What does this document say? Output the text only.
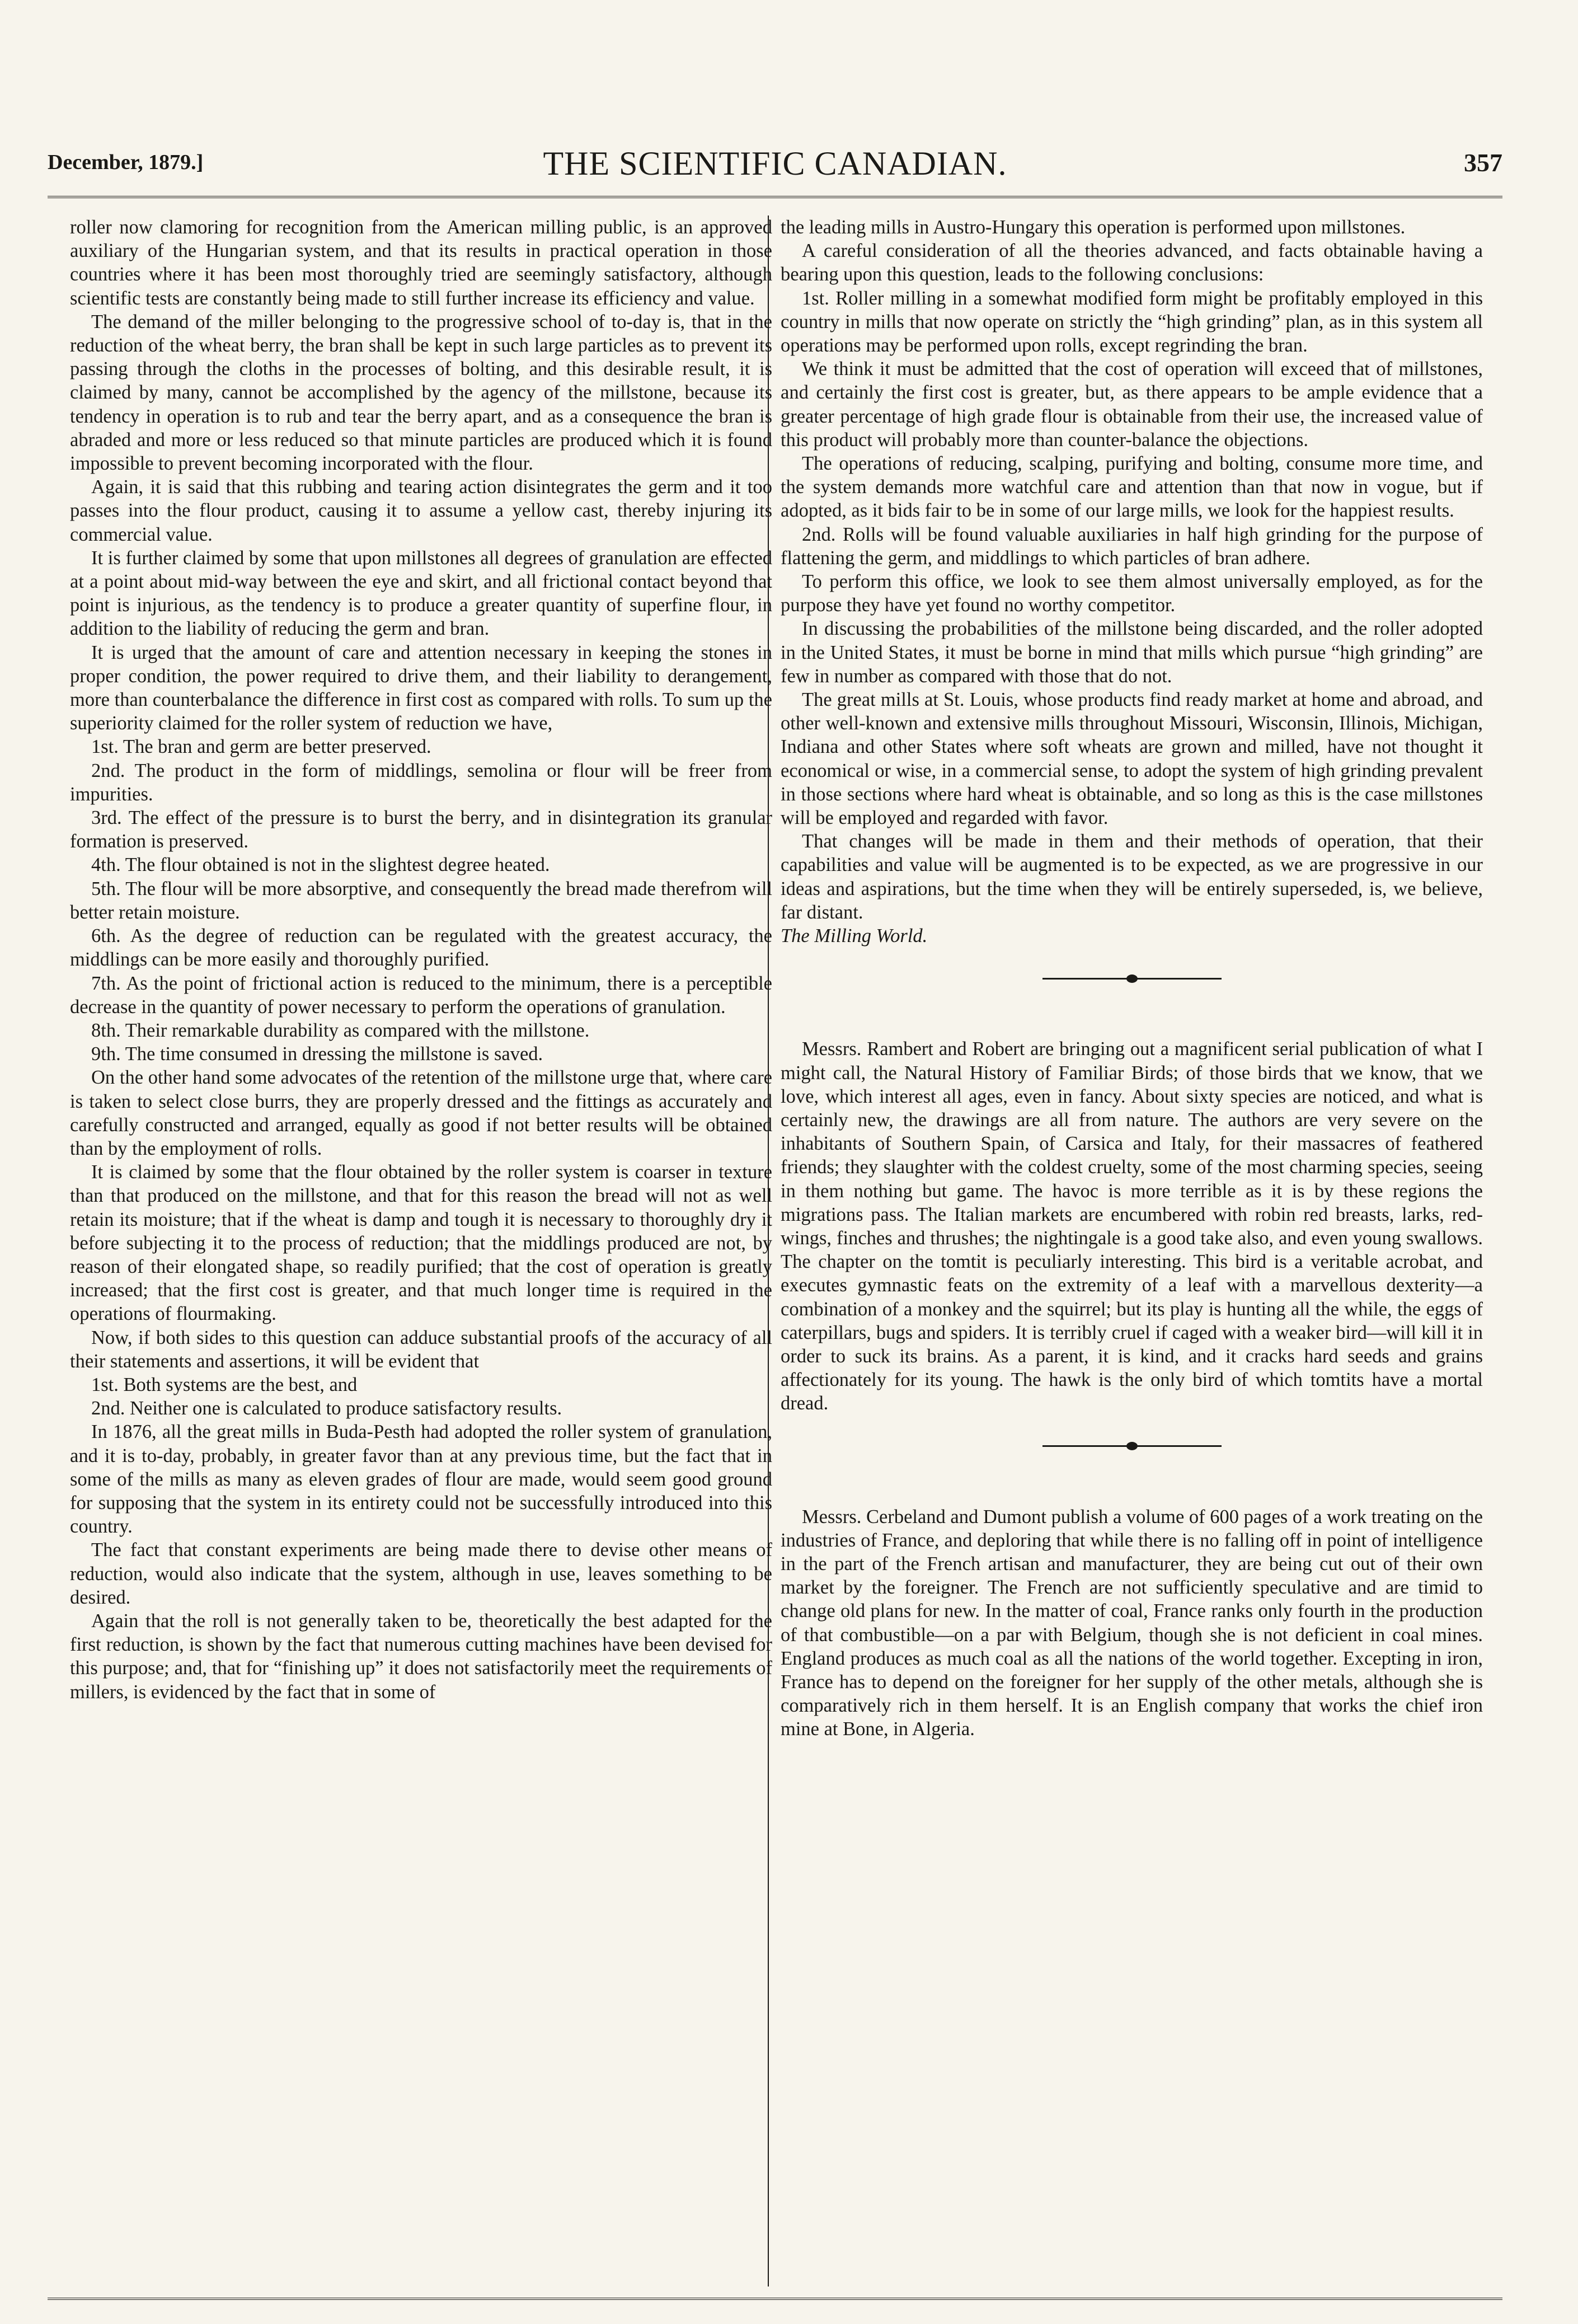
December, 1879.]	THE SCIENTIFIC CANADIAN.	357

roller now clamoring for recognition from the American milling public, is an approved auxiliary of the Hungarian system, and that its results in practical operation in those countries where it has been most thoroughly tried are seemingly satisfactory, although scientific tests are constantly being made to still further increase its efficiency and value.

The demand of the miller belonging to the progressive school of to-day is, that in the reduction of the wheat berry, the bran shall be kept in such large particles as to prevent its passing through the cloths in the processes of bolting, and this desirable result, it is claimed by many, cannot be accomplished by the agency of the millstone, because its tendency in operation is to rub and tear the berry apart, and as a consequence the bran is abraded and more or less reduced so that minute particles are produced which it is found impossible to prevent becoming incorporated with the flour.

Again, it is said that this rubbing and tearing action disintegrates the germ and it too passes into the flour product, causing it to assume a yellow cast, thereby injuring its commercial value.

It is further claimed by some that upon millstones all degrees of granulation are effected at a point about mid-way between the eye and skirt, and all frictional contact beyond that point is injurious, as the tendency is to produce a greater quantity of superfine flour, in addition to the liability of reducing the germ and bran.

It is urged that the amount of care and attention necessary in keeping the stones in proper condition, the power required to drive them, and their liability to derangement, more than counterbalance the difference in first cost as compared with rolls. To sum up the superiority claimed for the roller system of reduction we have,

1st. The bran and germ are better preserved.

2nd. The product in the form of middlings, semolina or flour will be freer from impurities.

3rd. The effect of the pressure is to burst the berry, and in disintegration its granular formation is preserved.

4th. The flour obtained is not in the slightest degree heated.

5th. The flour will be more absorptive, and consequently the bread made therefrom will better retain moisture.

6th. As the degree of reduction can be regulated with the greatest accuracy, the middlings can be more easily and thoroughly purified.

7th. As the point of frictional action is reduced to the minimum, there is a perceptible decrease in the quantity of power necessary to perform the operations of granulation.

8th. Their remarkable durability as compared with the millstone.

9th. The time consumed in dressing the millstone is saved.

On the other hand some advocates of the retention of the millstone urge that, where care is taken to select close burrs, they are properly dressed and the fittings as accurately and carefully constructed and arranged, equally as good if not better results will be obtained than by the employment of rolls.

It is claimed by some that the flour obtained by the roller system is coarser in texture than that produced on the millstone, and that for this reason the bread will not as well retain its moisture; that if the wheat is damp and tough it is necessary to thoroughly dry it before subjecting it to the process of reduction; that the middlings produced are not, by reason of their elongated shape, so readily purified; that the cost of operation is greatly increased; that the first cost is greater, and that much longer time is required in the operations of flourmaking.

Now, if both sides to this question can adduce substantial proofs of the accuracy of all their statements and assertions, it will be evident that

1st. Both systems are the best, and

2nd. Neither one is calculated to produce satisfactory results.

In 1876, all the great mills in Buda-Pesth had adopted the roller system of granulation, and it is to-day, probably, in greater favor than at any previous time, but the fact that in some of the mills as many as eleven grades of flour are made, would seem good ground for supposing that the system in its entirety could not be successfully introduced into this country.

The fact that constant experiments are being made there to devise other means of reduction, would also indicate that the system, although in use, leaves something to be desired.

Again that the roll is not generally taken to be, theoretically the best adapted for the first reduction, is shown by the fact that numerous cutting machines have been devised for this purpose; and, that for “finishing up” it does not satisfactorily meet the requirements of millers, is evidenced by the fact that in some of

the leading mills in Austro-Hungary this operation is performed upon millstones.

A careful consideration of all the theories advanced, and facts obtainable having a bearing upon this question, leads to the following conclusions:

1st. Roller milling in a somewhat modified form might be profitably employed in this country in mills that now operate on strictly the “high grinding” plan, as in this system all operations may be performed upon rolls, except regrinding the bran.

We think it must be admitted that the cost of operation will exceed that of millstones, and certainly the first cost is greater, but, as there appears to be ample evidence that a greater percentage of high grade flour is obtainable from their use, the increased value of this product will probably more than counter-balance the objections.

The operations of reducing, scalping, purifying and bolting, consume more time, and the system demands more watchful care and attention than that now in vogue, but if adopted, as it bids fair to be in some of our large mills, we look for the happiest results.

2nd. Rolls will be found valuable auxiliaries in half high grinding for the purpose of flattening the germ, and middlings to which particles of bran adhere.

To perform this office, we look to see them almost universally employed, as for the purpose they have yet found no worthy competitor.

In discussing the probabilities of the millstone being discarded, and the roller adopted in the United States, it must be borne in mind that mills which pursue “high grinding” are few in number as compared with those that do not.

The great mills at St. Louis, whose products find ready market at home and abroad, and other well-known and extensive mills throughout Missouri, Wisconsin, Illinois, Michigan, Indiana and other States where soft wheats are grown and milled, have not thought it economical or wise, in a commercial sense, to adopt the system of high grinding prevalent in those sections where hard wheat is obtainable, and so long as this is the case millstones will be employed and regarded with favor.

That changes will be made in them and their methods of operation, that their capabilities and value will be augmented is to be expected, as we are progressive in our ideas and aspirations, but the time when they will be entirely superseded, is, we believe, far distant.

The Milling World.

Messrs. Rambert and Robert are bringing out a magnificent serial publication of what I might call, the Natural History of Familiar Birds; of those birds that we know, that we love, which interest all ages, even in fancy. About sixty species are noticed, and what is certainly new, the drawings are all from nature. The authors are very severe on the inhabitants of Southern Spain, of Carsica and Italy, for their massacres of feathered friends; they slaughter with the coldest cruelty, some of the most charming species, seeing in them nothing but game. The havoc is more terrible as it is by these regions the migrations pass. The Italian markets are encumbered with robin red breasts, larks, red-wings, finches and thrushes; the nightingale is a good take also, and even young swallows. The chapter on the tomtit is peculiarly interesting. This bird is a veritable acrobat, and executes gymnastic feats on the extremity of a leaf with a marvellous dexterity—a combination of a monkey and the squirrel; but its play is hunting all the while, the eggs of caterpillars, bugs and spiders. It is terribly cruel if caged with a weaker bird—will kill it in order to suck its brains. As a parent, it is kind, and it cracks hard seeds and grains affectionately for its young. The hawk is the only bird of which tomtits have a mortal dread.

Messrs. Cerbeland and Dumont publish a volume of 600 pages of a work treating on the industries of France, and deploring that while there is no falling off in point of intelligence in the part of the French artisan and manufacturer, they are being cut out of their own market by the foreigner. The French are not sufficiently speculative and are timid to change old plans for new. In the matter of coal, France ranks only fourth in the production of that combustible—on a par with Belgium, though she is not deficient in coal mines. England produces as much coal as all the nations of the world together. Excepting in iron, France has to depend on the foreigner for her supply of the other metals, although she is comparatively rich in them herself. It is an English company that works the chief iron mine at Bone, in Algeria.
